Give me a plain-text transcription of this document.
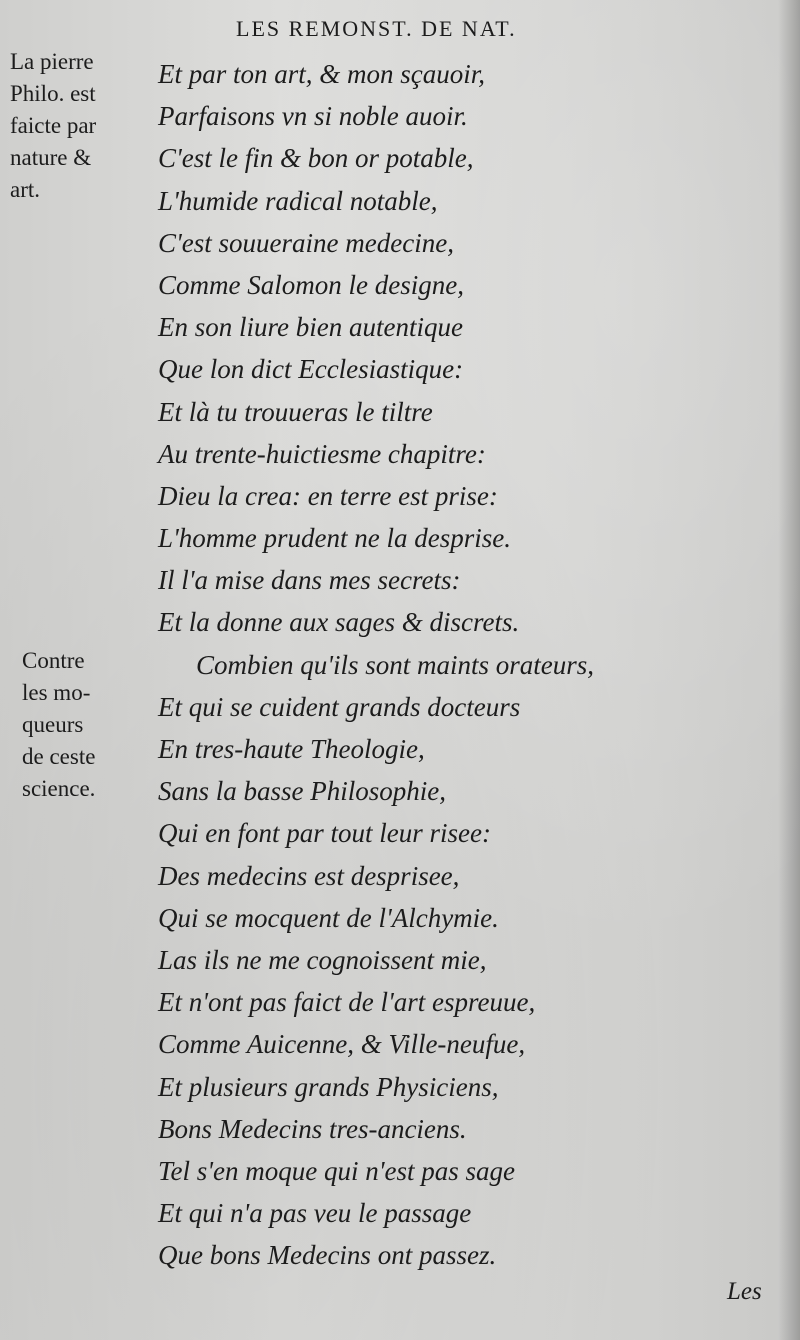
LES REMONST. DE NAT.
La pierre
Philo. est
faicte par
nature &
art.
Contre
les mo-
queurs
de ceste
science.
Et par ton art, & mon sçauoir,
Parfaisons vn si noble auoir.
C'est le fin & bon or potable,
L'humide radical notable,
C'est souueraine medecine,
Comme Salomon le designe,
En son liure bien autentique
Que lon dict Ecclesiastique:
Et là tu trouueras le tiltre
Au trente-huictiesme chapitre:
Dieu la crea: en terre est prise:
L'homme prudent ne la desprise.
Il l'a mise dans mes secrets:
Et la donne aux sages & discrets.
Combien qu'ils sont maints orateurs,
Et qui se cuident grands docteurs
En tres-haute Theologie,
Sans la basse Philosophie,
Qui en font par tout leur risee:
Des medecins est desprisee,
Qui se mocquent de l'Alchymie.
Las ils ne me cognoissent mie,
Et n'ont pas faict de l'art espreuue,
Comme Auicenne, & Ville-neufue,
Et plusieurs grands Physiciens,
Bons Medecins tres-anciens.
Tel s'en moque qui n'est pas sage
Et qui n'a pas veu le passage
Que bons Medecins ont passez.
Les
